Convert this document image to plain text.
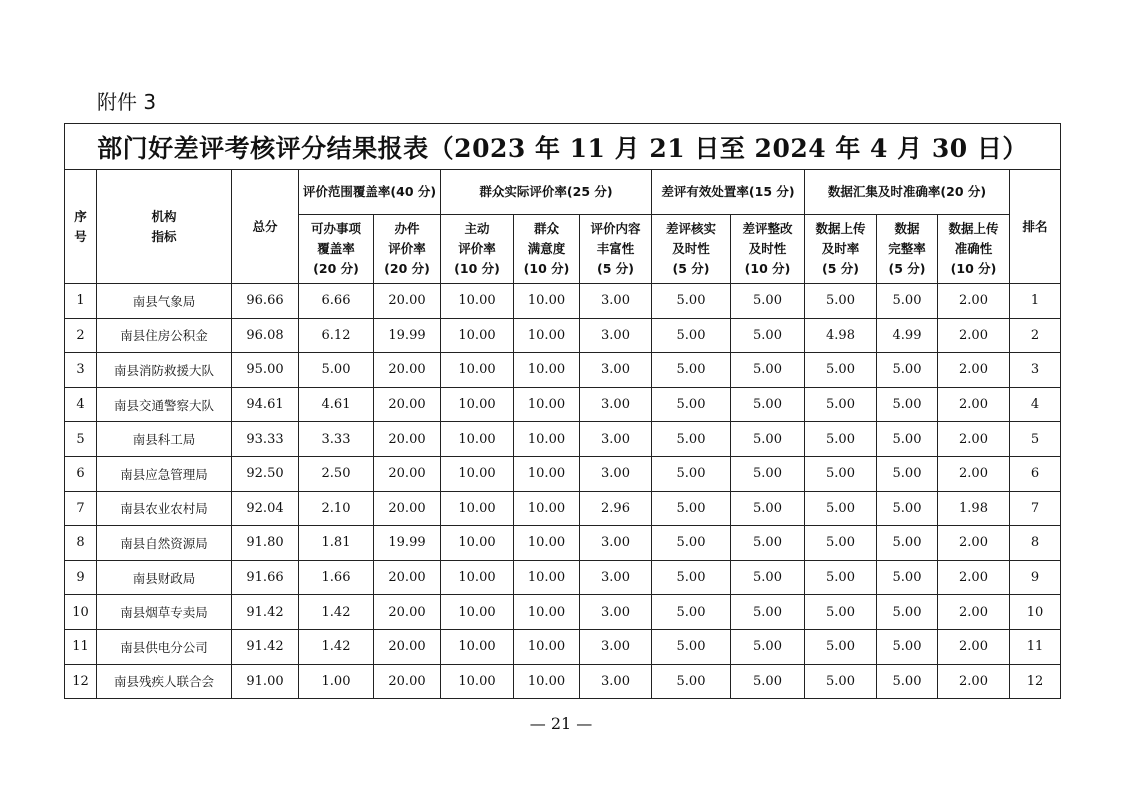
附件 3
部门好差评考核评分结果报表（2023 年 11 月 21 日至 2024 年 4 月 30 日）													
序
号	机构
指标	总分	评价范围覆盖率(40 分)		群众实际评价率(25 分)			差评有效处置率(15 分)		数据汇集及时准确率(20 分)			排名
			可办事项
覆盖率
(20 分)	办件
评价率
(20 分)	主动
评价率
(10 分)	群众
满意度
(10 分)	评价内容
丰富性
(5 分)	差评核实
及时性
(5 分)	差评整改
及时性
(10 分)	数据上传
及时率
(5 分)	数据
完整率
(5 分)	数据上传
准确性
(10 分)	
1	南县气象局	96.66	6.66	20.00	10.00	10.00	3.00	5.00	5.00	5.00	5.00	2.00	1
2	南县住房公积金	96.08	6.12	19.99	10.00	10.00	3.00	5.00	5.00	4.98	4.99	2.00	2
3	南县消防救援大队	95.00	5.00	20.00	10.00	10.00	3.00	5.00	5.00	5.00	5.00	2.00	3
4	南县交通警察大队	94.61	4.61	20.00	10.00	10.00	3.00	5.00	5.00	5.00	5.00	2.00	4
5	南县科工局	93.33	3.33	20.00	10.00	10.00	3.00	5.00	5.00	5.00	5.00	2.00	5
6	南县应急管理局	92.50	2.50	20.00	10.00	10.00	3.00	5.00	5.00	5.00	5.00	2.00	6
7	南县农业农村局	92.04	2.10	20.00	10.00	10.00	2.96	5.00	5.00	5.00	5.00	1.98	7
8	南县自然资源局	91.80	1.81	19.99	10.00	10.00	3.00	5.00	5.00	5.00	5.00	2.00	8
9	南县财政局	91.66	1.66	20.00	10.00	10.00	3.00	5.00	5.00	5.00	5.00	2.00	9
10	南县烟草专卖局	91.42	1.42	20.00	10.00	10.00	3.00	5.00	5.00	5.00	5.00	2.00	10
11	南县供电分公司	91.42	1.42	20.00	10.00	10.00	3.00	5.00	5.00	5.00	5.00	2.00	11
12	南县残疾人联合会	91.00	1.00	20.00	10.00	10.00	3.00	5.00	5.00	5.00	5.00	2.00	12
— 21 —
